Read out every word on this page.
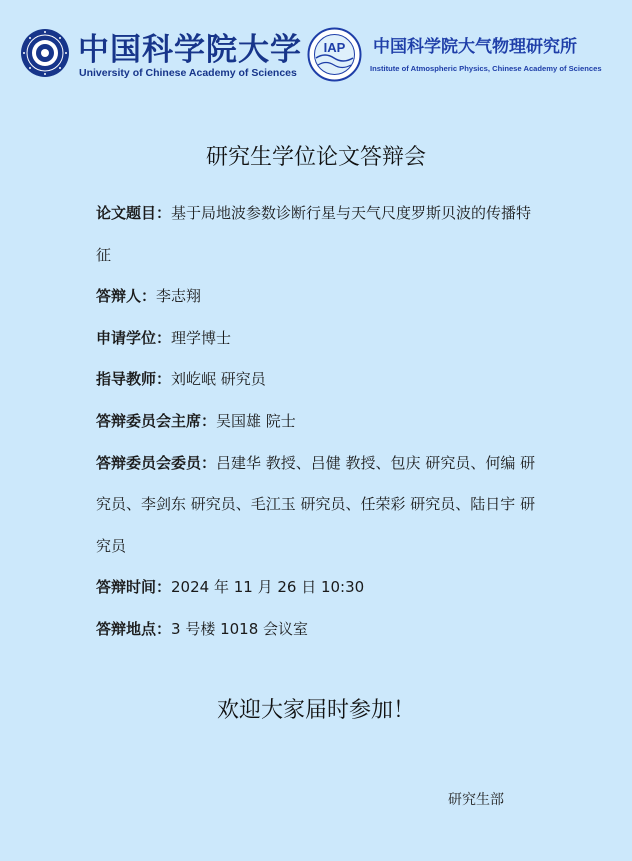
中国科学院大学
University of Chinese Academy of Sciences
IAP 中国科学院大气物理研究所
Institute of Atmospheric Physics, Chinese Academy of Sciences
研究生学位论文答辩会

论文题目：基于局地波参数诊断行星与天气尺度罗斯贝波的传播特征

答辩人：李志翔

申请学位：理学博士

指导教师：刘屹岷 研究员

答辩委员会主席：吴国雄 院士

答辩委员会委员：吕建华 教授、吕健 教授、包庆 研究员、何编 研究员、李剑东 研究员、毛江玉 研究员、任荣彩 研究员、陆日宇 研究员

答辩时间：2024 年 11 月 26 日 10:30

答辩地点：3 号楼 1018 会议室

欢迎大家届时参加！
研究生部
